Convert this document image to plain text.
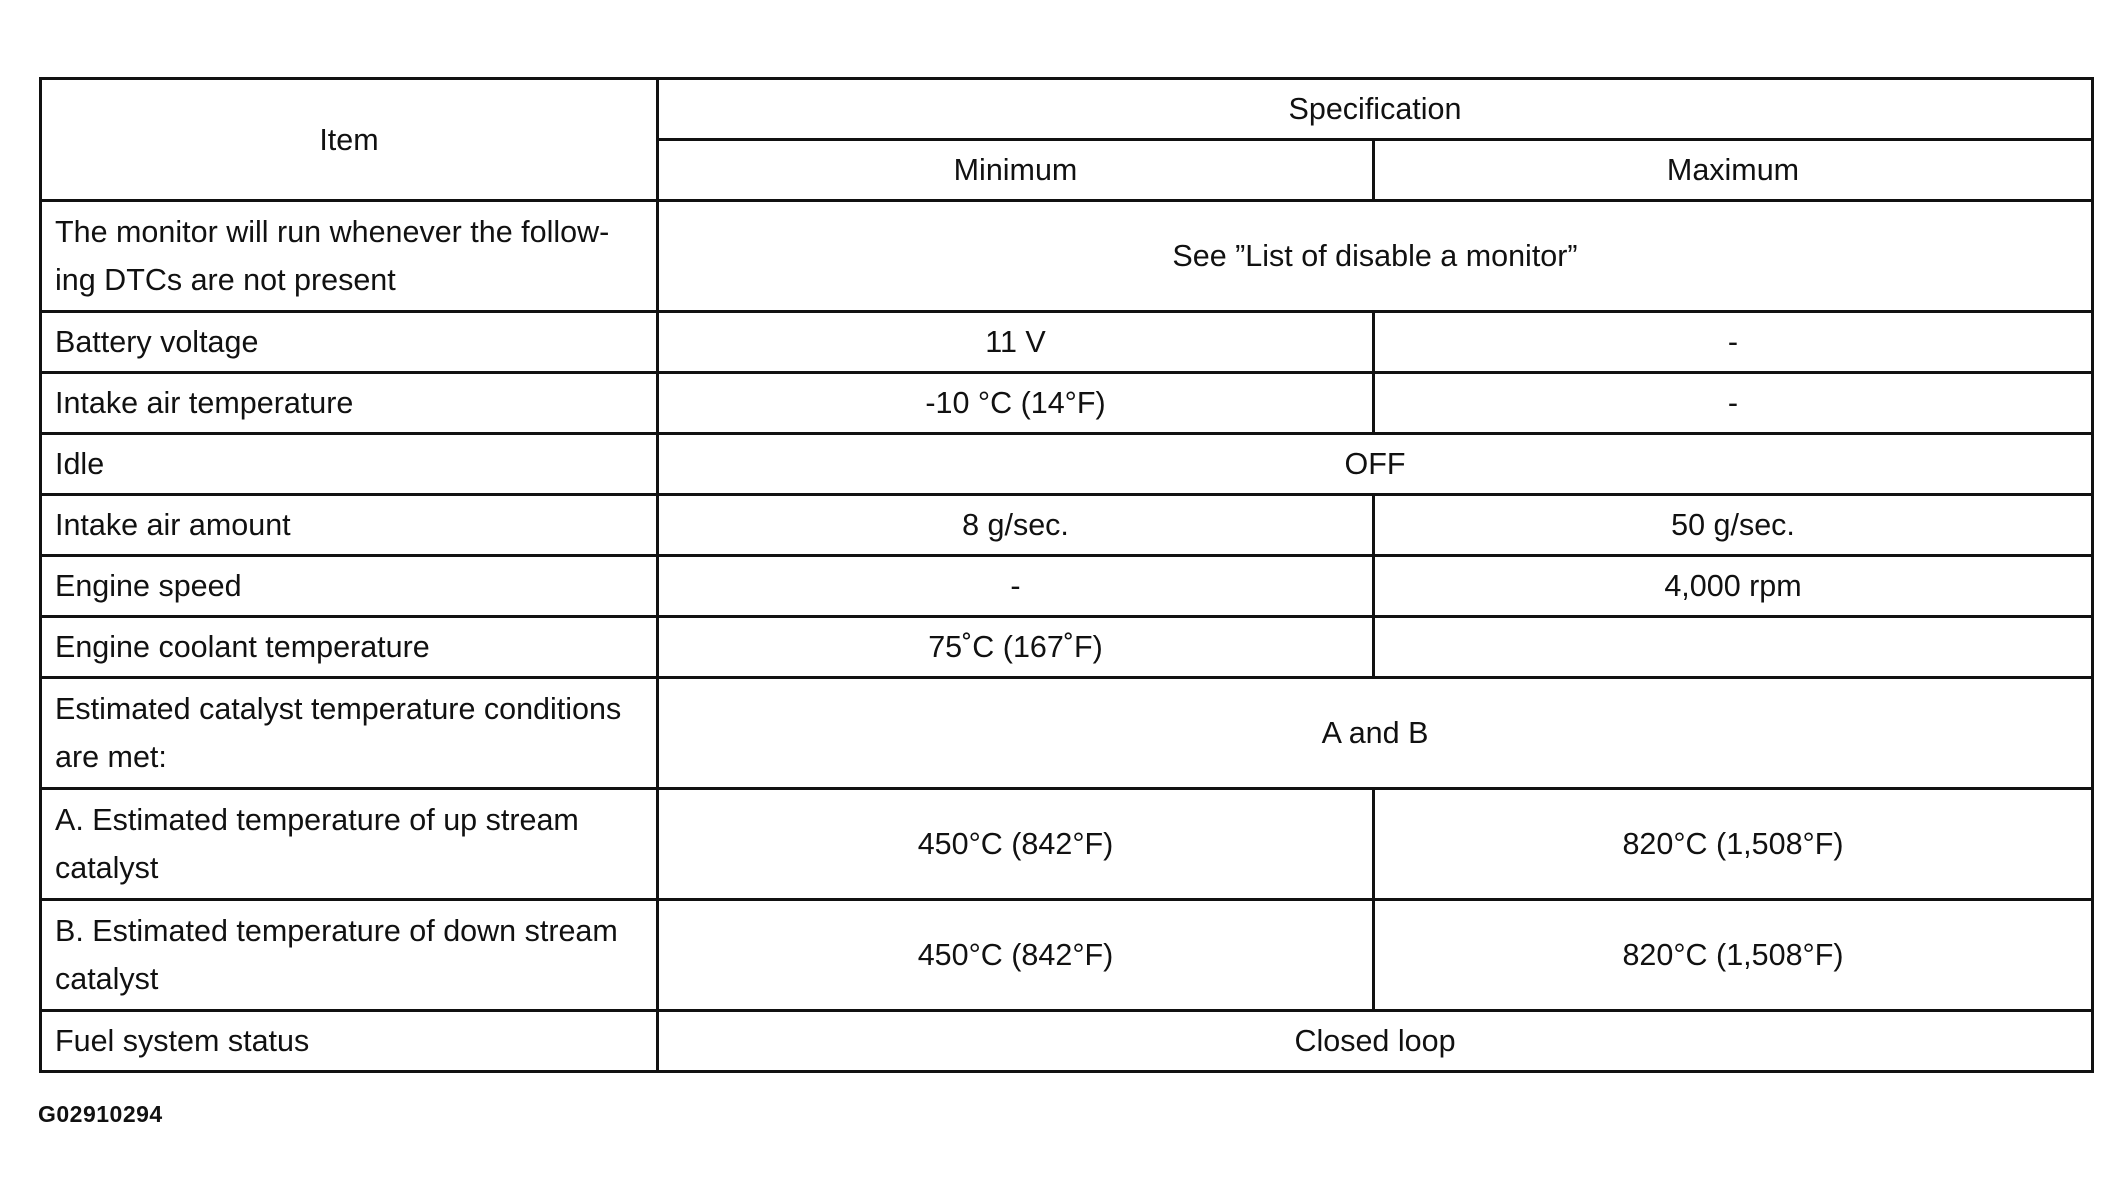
Item	Specification	
	Minimum	Maximum
The monitor will run whenever the follow-
ing DTCs are not present	See ”List of disable a monitor”	
Battery voltage	11 V	-
Intake air temperature	-10 °C (14°F)	-
Idle	OFF	
Intake air amount	8 g/sec.	50 g/sec.
Engine speed	-	4,000 rpm
Engine coolant temperature	75˚C (167˚F)	
Estimated catalyst temperature conditions
are met:	A and B	
A. Estimated temperature of up stream
catalyst	450°C (842°F)	820°C (1,508°F)
B. Estimated temperature of down stream
catalyst	450°C (842°F)	820°C (1,508°F)
Fuel system status	Closed loop	
G02910294
